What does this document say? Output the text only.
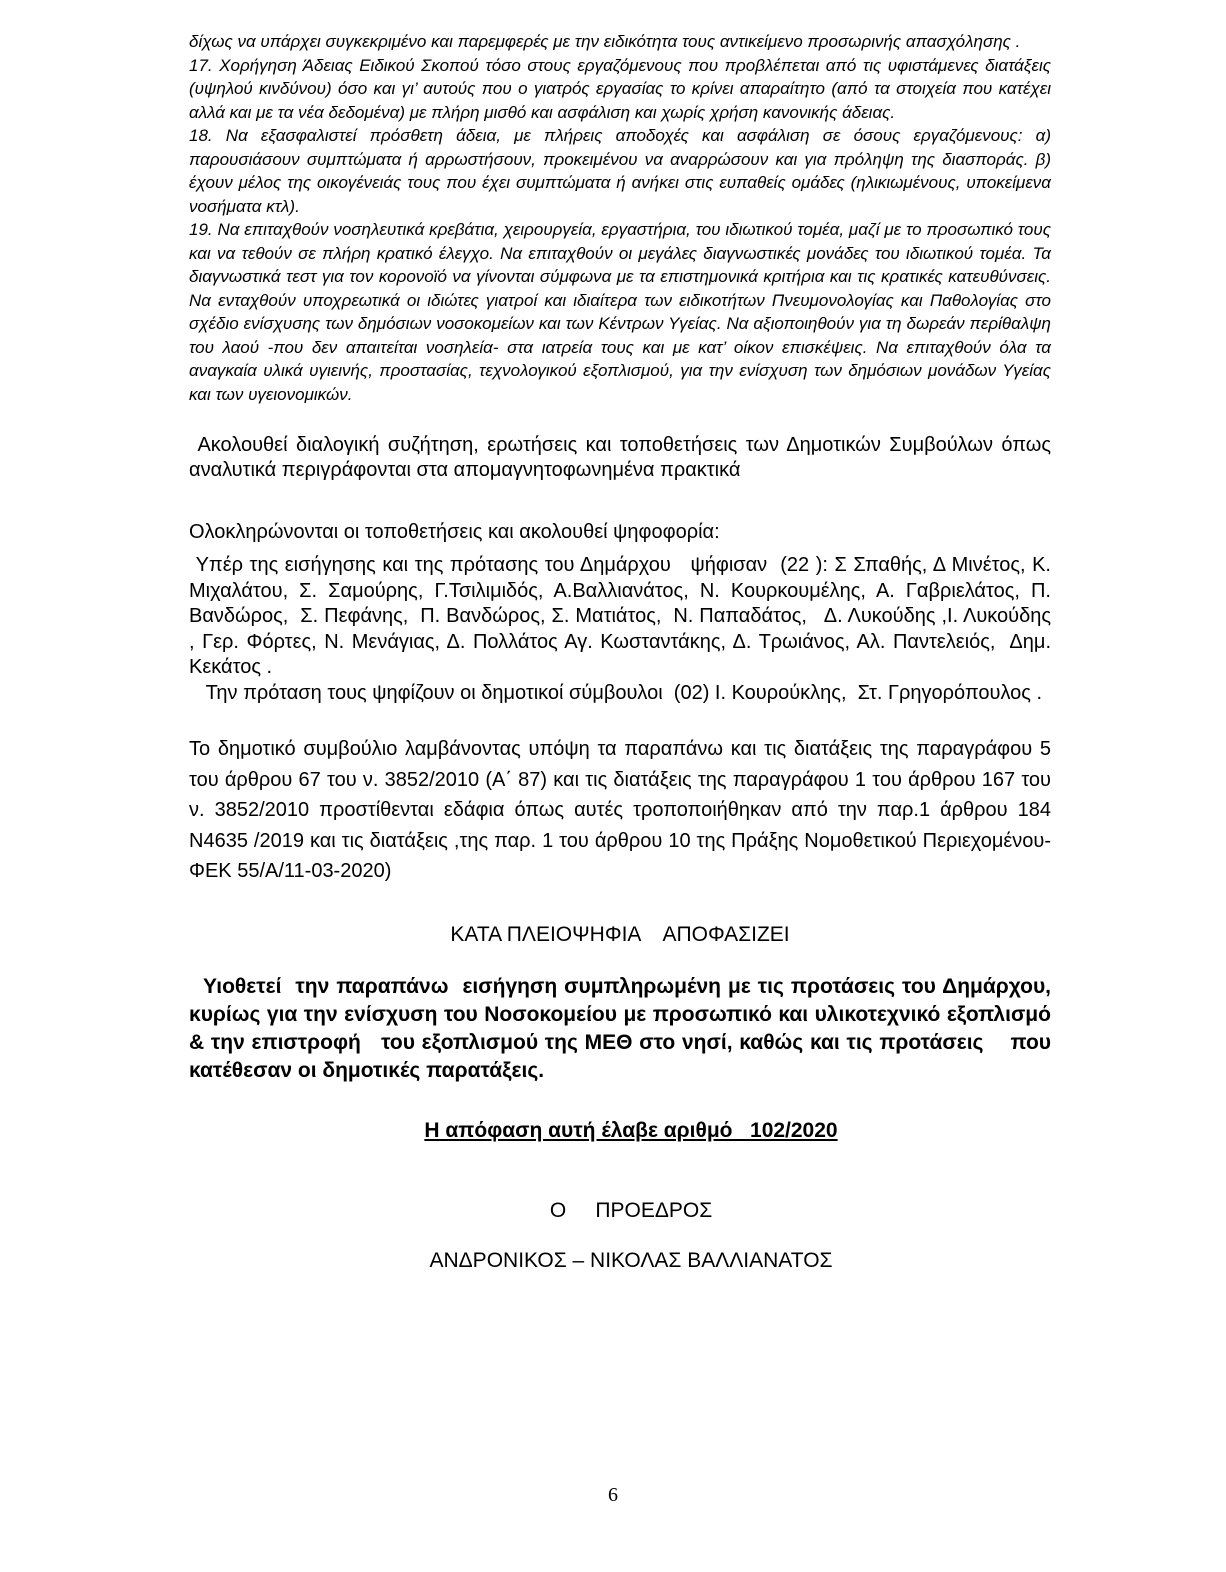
δίχως να υπάρχει συγκεκριμένο και παρεμφερές με την ειδικότητα τους αντικείμενο προσωρινής απασχόλησης .

17. Χορήγηση Άδειας Ειδικού Σκοπού τόσο στους εργαζόμενους που προβλέπεται από τις υφιστάμενες διατάξεις (υψηλού κινδύνου) όσο και γι’ αυτούς που ο γιατρός εργασίας το κρίνει απαραίτητο (από τα στοιχεία που κατέχει αλλά και με τα νέα δεδομένα) με πλήρη μισθό και ασφάλιση και χωρίς χρήση κανονικής άδειας.

18. Να εξασφαλιστεί πρόσθετη άδεια, με πλήρεις αποδοχές και ασφάλιση σε όσους εργαζόμενους: α) παρουσιάσουν συμπτώματα ή αρρωστήσουν, προκειμένου να αναρρώσουν και για πρόληψη της διασποράς. β) έχουν μέλος της οικογένειάς τους που έχει συμπτώματα ή ανήκει στις ευπαθείς ομάδες (ηλικιωμένους, υποκείμενα νοσήματα κτλ).

19. Να επιταχθούν νοσηλευτικά κρεβάτια, χειρουργεία, εργαστήρια, του ιδιωτικού τομέα, μαζί με το προσωπικό τους και να τεθούν σε πλήρη κρατικό έλεγχο. Να επιταχθούν οι μεγάλες διαγνωστικές μονάδες του ιδιωτικού τομέα. Τα διαγνωστικά τεστ για τον κορονοϊό να γίνονται σύμφωνα με τα επιστημονικά κριτήρια και τις κρατικές κατευθύνσεις. Να ενταχθούν υποχρεωτικά οι ιδιώτες γιατροί και ιδιαίτερα των ειδικοτήτων Πνευμονολογίας και Παθολογίας στο σχέδιο ενίσχυσης των δημόσιων νοσοκομείων και των Κέντρων Υγείας. Να αξιοποιηθούν για τη δωρεάν περίθαλψη του λαού -που δεν απαιτείται νοσηλεία- στα ιατρεία τους και με κατ’ οίκον επισκέψεις. Να επιταχθούν όλα τα αναγκαία υλικά υγιεινής, προστασίας, τεχνολογικού εξοπλισμού, για την ενίσχυση των δημόσιων μονάδων Υγείας και των υγειονομικών.

Ακολουθεί διαλογική συζήτηση, ερωτήσεις και τοποθετήσεις των Δημοτικών Συμβούλων όπως αναλυτικά περιγράφονται στα απομαγνητοφωνημένα πρακτικά

Ολοκληρώνονται οι τοποθετήσεις και ακολουθεί ψηφοφορία:

Υπέρ της εισήγησης και της πρότασης του Δημάρχου   ψήφισαν  (22 ): Σ Σπαθής, Δ Μινέτος, Κ. Μιχαλάτου, Σ. Σαμούρης, Γ.Τσιλιμιδός, Α.Βαλλιανάτος, Ν. Κουρκουμέλης, Α. Γαβριελάτος, Π. Βανδώρος,  Σ. Πεφάνης,  Π. Βανδώρος, Σ. Ματιάτος,  Ν. Παπαδάτος,   Δ. Λυκούδης ,Ι. Λυκούδης , Γερ. Φόρτες, Ν. Μενάγιας, Δ. Πολλάτος Αγ. Κωσταντάκης, Δ. Τρωιάνος, Αλ. Παντελειός,  Δημ. Κεκάτος .

Την πρόταση τους ψηφίζουν οι δημοτικοί σύμβουλοι  (02) Ι. Κουρούκλης,  Στ. Γρηγορόπουλος .

Το δημοτικό συμβούλιο λαμβάνοντας υπόψη τα παραπάνω και τις διατάξεις της παραγράφου 5 του άρθρου 67 του ν. 3852/2010 (Α΄ 87) και τις διατάξεις της παραγράφου 1 του άρθρου 167 του ν. 3852/2010 προστίθενται εδάφια όπως αυτές τροποποιήθηκαν από την παρ.1 άρθρου 184 Ν4635 /2019 και τις διατάξεις ,της παρ. 1 του άρθρου 10 της Πράξης Νομοθετικού Περιεχομένου- ΦΕΚ 55/Α/11-03-2020)

ΚΑΤΑ ΠΛΕΙΟΨΗΦΙΑ    ΑΠΟΦΑΣΙΖΕΙ

Υιοθετεί  την παραπάνω  εισήγηση συμπληρωμένη με τις προτάσεις του Δημάρχου, κυρίως για την ενίσχυση του Νοσοκομείου με προσωπικό και υλικοτεχνικό εξοπλισμό & την επιστροφή   του εξοπλισμού της ΜΕΘ στο νησί, καθώς και τις προτάσεις    που κατέθεσαν οι δημοτικές παρατάξεις.

Η απόφαση αυτή έλαβε αριθμό   102/2020

Ο     ΠΡΟΕΔΡΟΣ

ΑΝΔΡΟΝΙΚΟΣ – ΝΙΚΟΛΑΣ ΒΑΛΛΙΑΝΑΤΟΣ

6
